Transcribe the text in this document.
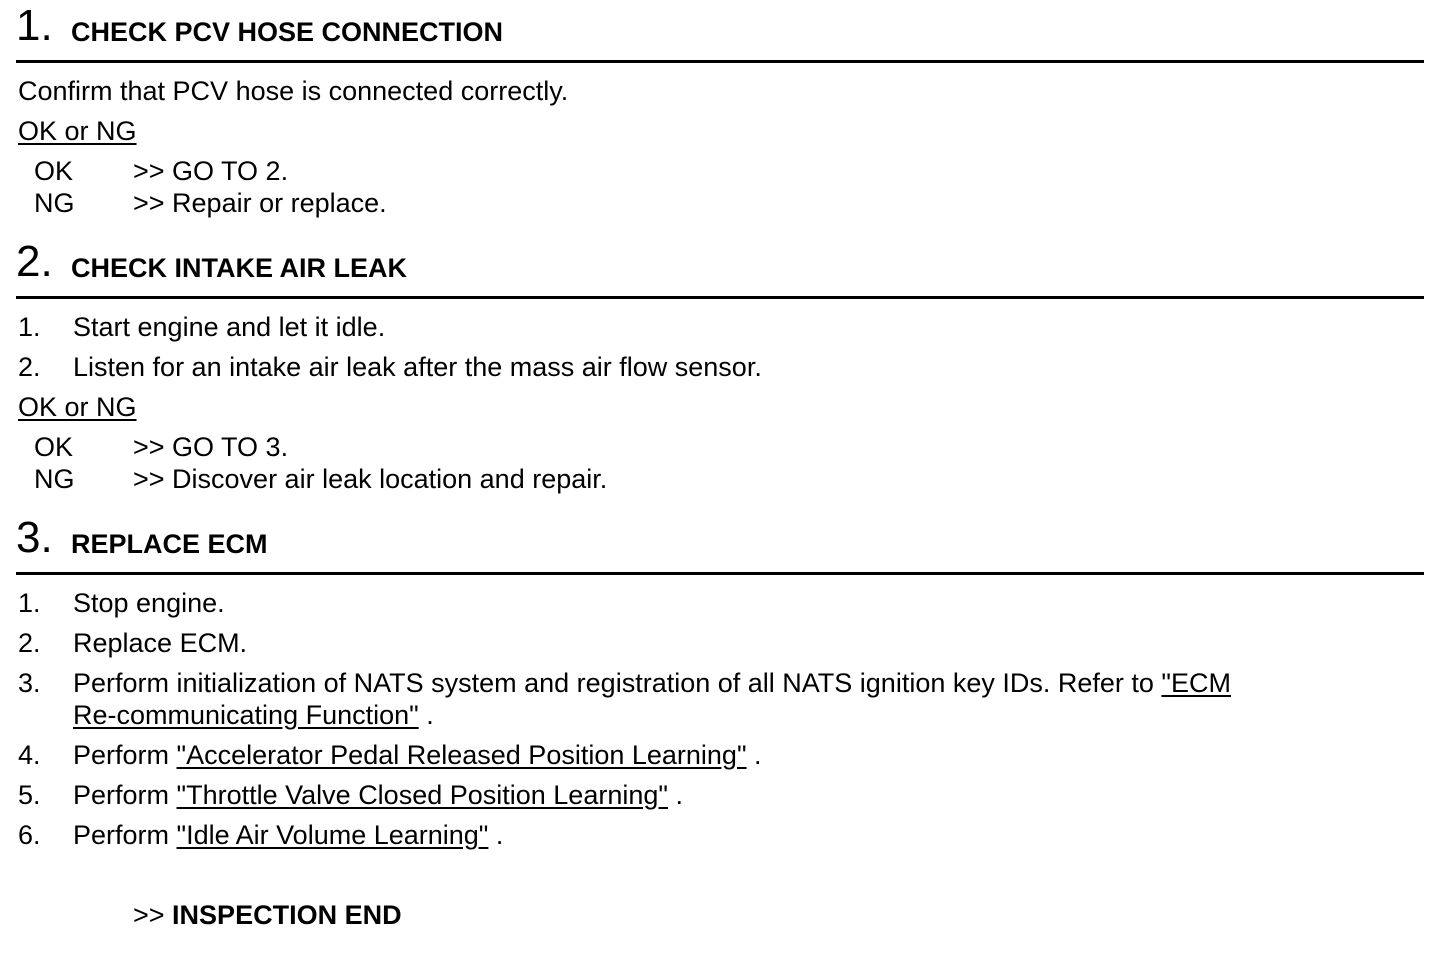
1. CHECK PCV HOSE CONNECTION
Confirm that PCV hose is connected correctly.
OK or NG
OK >> GO TO 2.
NG >> Repair or replace.
2. CHECK INTAKE AIR LEAK
1. Start engine and let it idle.
2. Listen for an intake air leak after the mass air flow sensor.
OK or NG
OK >> GO TO 3.
NG >> Discover air leak location and repair.
3. REPLACE ECM
1. Stop engine.
2. Replace ECM.
3. Perform initialization of NATS system and registration of all NATS ignition key IDs. Refer to "ECM
Re-communicating Function" .
4. Perform "Accelerator Pedal Released Position Learning" .
5. Perform "Throttle Valve Closed Position Learning" .
6. Perform "Idle Air Volume Learning" .
>> INSPECTION END
